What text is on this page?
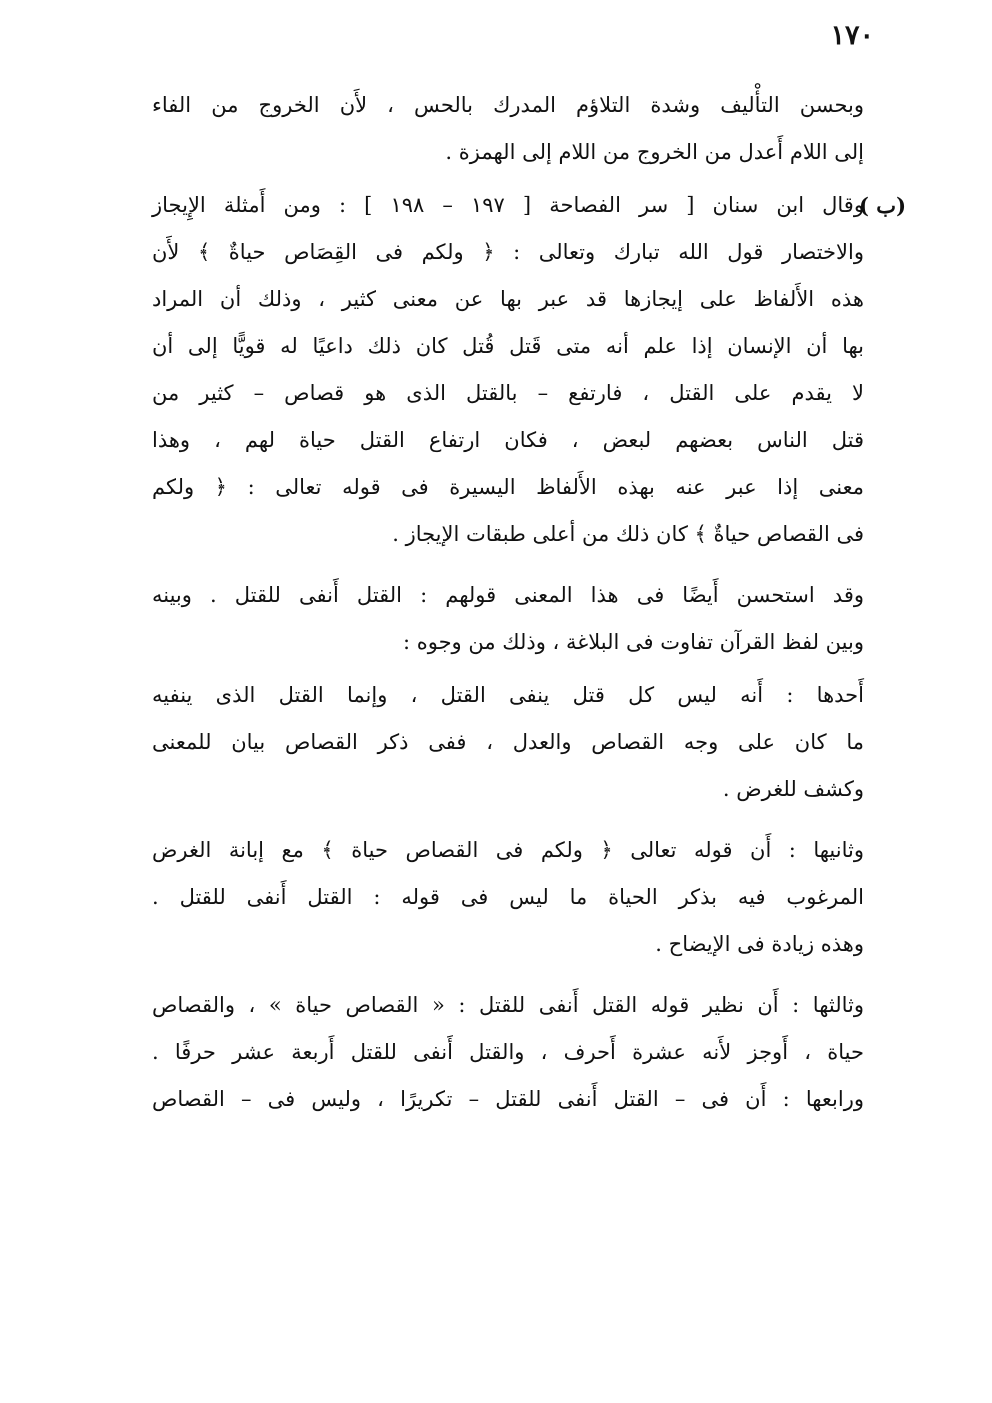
١٧٠

وبحسن التأْليف وشدة التلاؤم المدرك بالحس ، لأَن الخروج من الفاء
إلى اللام أَعدل من الخروج من اللام إلى الهمزة .

(ب )
وقال ابن سنان [ سر الفصاحة [ ١٩٧ – ١٩٨ ] : ومن أَمثلة الإِيجاز
والاختصار قول الله تبارك وتعالى : ﴿ ولكم فى القِصَاص حياةٌ ﴾ لأَن
هذه الأَلفاظ على إيجازها قد عبر بها عن معنى كثير ، وذلك أن المراد
بها أن الإنسان إذا علم أنه متى قَتل قُتل كان ذلك داعيًا له قويًّا إلى أن
لا يقدم على القتل ، فارتفع – بالقتل الذى هو قصاص – كثير من
قتل الناس بعضهم لبعض ، فكان ارتفاع القتل حياة لهم ، وهذا
معنى إذا عبر عنه بهذه الأَلفاظ اليسيرة فى قوله تعالى : ﴿ ولكم
فى القصاص حياةٌ ﴾ كان ذلك من أعلى طبقات الإيجاز .

وقد استحسن أَيضًا فى هذا المعنى قولهم : القتل أَنفى للقتل . وبينه
وبين لفظ القرآن تفاوت فى البلاغة ، وذلك من وجوه :

أَحدها : أَنه ليس كل قتل ينفى القتل ، وإنما القتل الذى ينفيه
ما كان على وجه القصاص والعدل ، ففى ذكر القصاص بيان للمعنى
وكشف للغرض .

وثانيها : أَن قوله تعالى ﴿ ولكم فى القصاص حياة ﴾ مع إبانة الغرض
المرغوب فيه بذكر الحياة ما ليس فى قوله : القتل أَنفى للقتل .
وهذه زيادة فى الإيضاح .

وثالثها : أَن نظير قوله القتل أَنفى للقتل : « القصاص حياة » ، والقصاص
حياة ، أَوجز لأَنه عشرة أَحرف ، والقتل أَنفى للقتل أَربعة عشر حرفًا .
ورابعها : أَن فى – القتل أَنفى للقتل – تكريرًا ، وليس فى – القصاص
